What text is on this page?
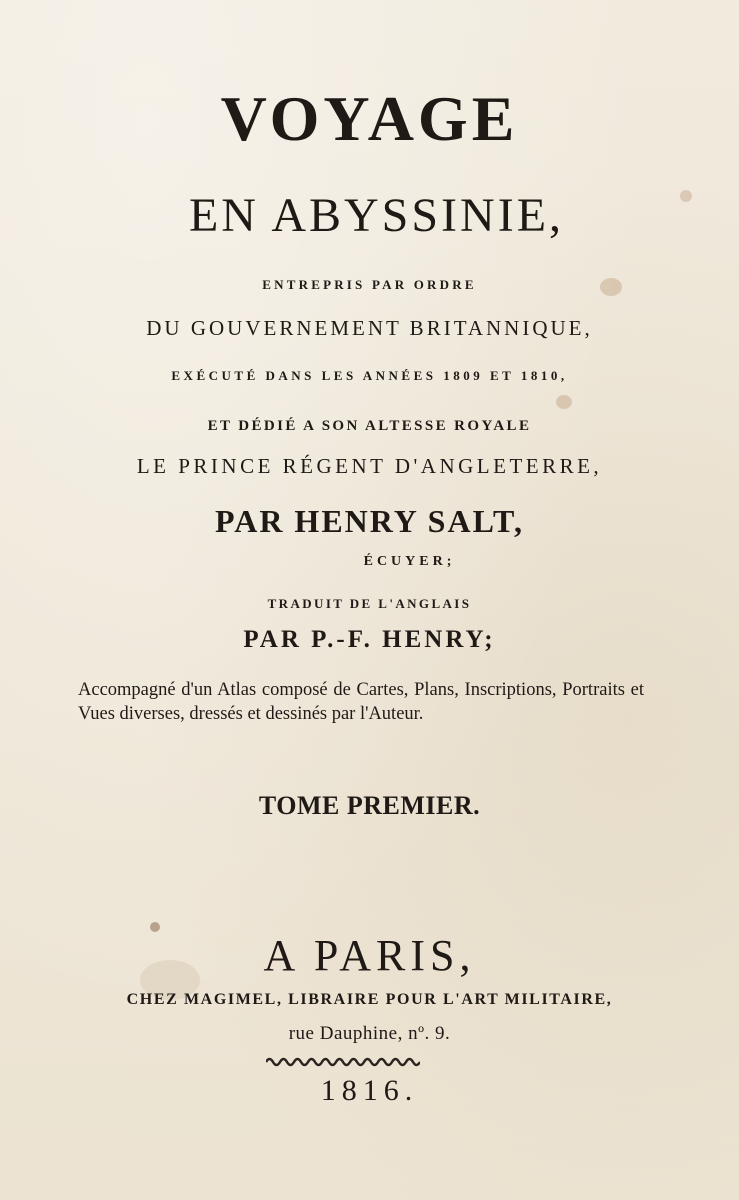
VOYAGE
EN ABYSSINIE,
ENTREPRIS PAR ORDRE
DU GOUVERNEMENT BRITANNIQUE,
EXÉCUTÉ DANS LES ANNÉES 1809 ET 1810,
ET DÉDIÉ A SON ALTESSE ROYALE
LE PRINCE RÉGENT D'ANGLETERRE,
PAR HENRY SALT,
ÉCUYER;
TRADUIT DE L'ANGLAIS
PAR P.-F. HENRY;
Accompagné d'un Atlas composé de Cartes, Plans, Inscriptions, Portraits et Vues diverses, dressés et dessinés par l'Auteur.
TOME PREMIER.
A PARIS,
CHEZ MAGIMEL, LIBRAIRE POUR L'ART MILITAIRE,
rue Dauphine, nº. 9.
1816.
